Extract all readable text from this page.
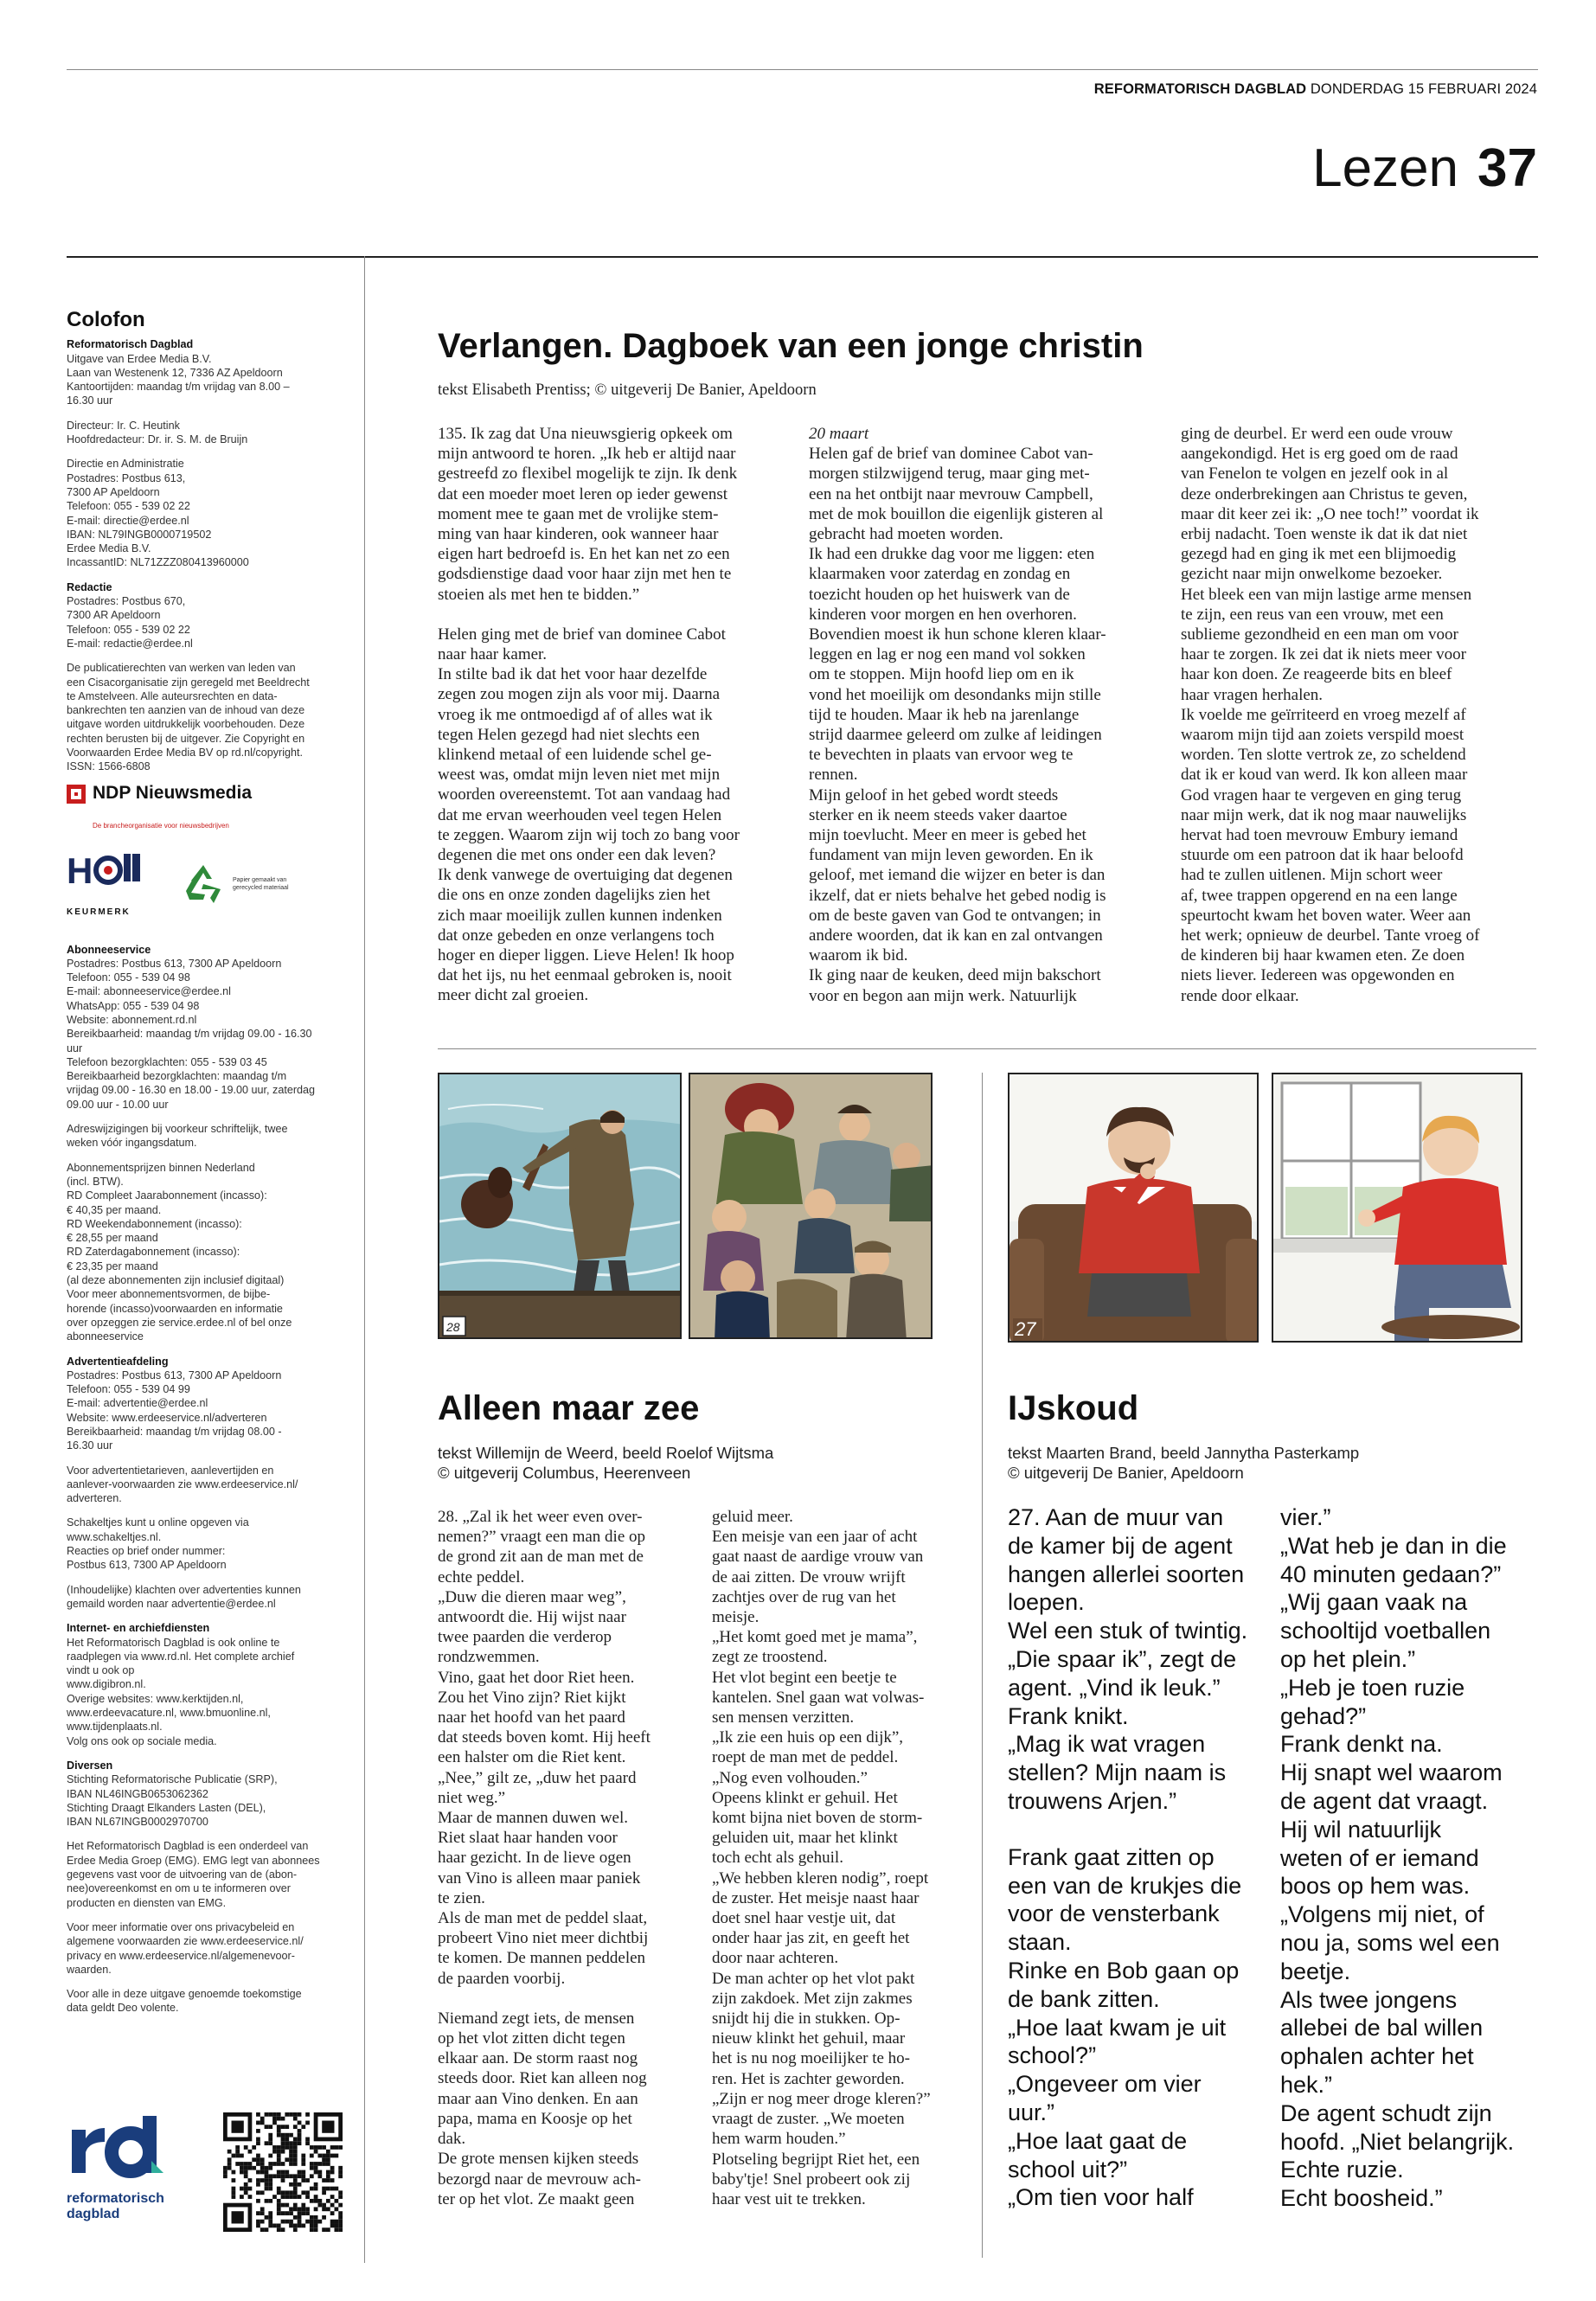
REFORMATORISCH DAGBLAD DONDERDAG 15 FEBRUARI 2024
Lezen 37
Colofon

Reformatorisch Dagblad

Uitgave van Erdee Media B.V.

Laan van Westenenk 12, 7336 AZ Apeldoorn

Kantoortijden: maandag t/m vrijdag van 8.00 –

16.30 uur

Directeur: Ir. C. Heutink

Hoofdredacteur: Dr. ir. S. M. de Bruijn

Directie en Administratie

Postadres: Postbus 613,

7300 AP Apeldoorn

Telefoon: 055 - 539 02 22

E-mail: directie@erdee.nl

IBAN: NL79INGB0000719502

Erdee Media B.V.

IncassantID: NL71ZZZ080413960000

Redactie

Postadres: Postbus 670,

7300 AR Apeldoorn

Telefoon: 055 - 539 02 22

E-mail: redactie@erdee.nl

De publicatierechten van werken van leden van

een Cisacorganisatie zijn geregeld met Beeldrecht

te Amstelveen. Alle auteursrechten en data-

bankrechten ten aanzien van de inhoud van deze

uitgave worden uitdrukkelijk voorbehouden. Deze

rechten berusten bij de uitgever. Zie Copyright en

Voorwaarden Erdee Media BV op rd.nl/copyright.

ISSN: 1566-6808

NDP Nieuwsmedia
De brancheorganisatie voor nieuwsbedrijven
H
KEURMERK
Papier gemaakt van gerecycled materiaal

Abonneeservice

Postadres: Postbus 613, 7300 AP Apeldoorn

Telefoon: 055 - 539 04 98

E-mail: abonneeservice@erdee.nl

WhatsApp: 055 - 539 04 98

Website: abonnement.rd.nl

Bereikbaarheid: maandag t/m vrijdag 09.00 - 16.30

uur

Telefoon bezorgklachten: 055 - 539 03 45

Bereikbaarheid bezorgklachten: maandag t/m

vrijdag 09.00 - 16.30 en 18.00 - 19.00 uur, zaterdag

09.00 uur - 10.00 uur

Adreswijzigingen bij voorkeur schriftelijk, twee

weken vóór ingangsdatum.

Abonnementsprijzen binnen Nederland

(incl. BTW).

RD Compleet Jaarabonnement (incasso):

€ 40,35 per maand.

RD Weekendabonnement (incasso):

€ 28,55 per maand

RD Zaterdagabonnement (incasso):

€ 23,35 per maand

(al deze abonnementen zijn inclusief digitaal)

Voor meer abonnementsvormen, de bijbe-

horende (incasso)voorwaarden en informatie

over opzeggen zie service.erdee.nl of bel onze

abonneeservice

Advertentieafdeling

Postadres: Postbus 613, 7300 AP Apeldoorn

Telefoon: 055 - 539 04 99

E-mail: advertentie@erdee.nl

Website: www.erdeeservice.nl/adverteren

Bereikbaarheid: maandag t/m vrijdag 08.00 -

16.30 uur

Voor advertentietarieven, aanlevertijden en

aanlever-voorwaarden zie www.erdeeservice.nl/

adverteren.

Schakeltjes kunt u online opgeven via

www.schakeltjes.nl.

Reacties op brief onder nummer:

Postbus 613, 7300 AP Apeldoorn

(Inhoudelijke) klachten over advertenties kunnen

gemaild worden naar advertentie@erdee.nl

Internet- en archiefdiensten

Het Reformatorisch Dagblad is ook online te

raadplegen via www.rd.nl. Het complete archief

vindt u ook op

www.digibron.nl.

Overige websites: www.kerktijden.nl,

www.erdeevacature.nl, www.bmuonline.nl,

www.tijdenplaats.nl.

Volg ons ook op sociale media.

Diversen

Stichting Reformatorische Publicatie (SRP),

IBAN NL46INGB0653062362

Stichting Draagt Elkanders Lasten (DEL),

IBAN NL67INGB0002970700

Het Reformatorisch Dagblad is een onderdeel van

Erdee Media Groep (EMG). EMG legt van abonnees

gegevens vast voor de uitvoering van de (abon-

nee)overeenkomst en om u te informeren over

producten en diensten van EMG.

Voor meer informatie over ons privacybeleid en

algemene voorwaarden zie www.erdeeservice.nl/

privacy en www.erdeeservice.nl/algemenevoor-

waarden.

Voor alle in deze uitgave genoemde toekomstige

data geldt Deo volente.

reformatorisch
dagblad
Verlangen. Dagboek van een jonge christin
tekst Elisabeth Prentiss; © uitgeverij De Banier, Apeldoorn

135. Ik zag dat Una nieuwsgierig opkeek om

mijn antwoord te horen. „Ik heb er altijd naar

gestreefd zo flexibel mogelijk te zijn. Ik denk

dat een moeder moet leren op ieder gewenst

moment mee te gaan met de vrolijke stem-

ming van haar kinderen, ook wanneer haar

eigen hart bedroefd is. En het kan net zo een

godsdienstige daad voor haar zijn met hen te

stoeien als met hen te bidden.”

Helen ging met de brief van dominee Cabot

naar haar kamer.

In stilte bad ik dat het voor haar dezelfde

zegen zou mogen zijn als voor mij. Daarna

vroeg ik me ontmoedigd af of alles wat ik

tegen Helen gezegd had niet slechts een

klinkend metaal of een luidende schel ge-

weest was, omdat mijn leven niet met mijn

woorden overeenstemt. Tot aan vandaag had

dat me ervan weerhouden veel tegen Helen

te zeggen. Waarom zijn wij toch zo bang voor

degenen die met ons onder een dak leven?

Ik denk vanwege de overtuiging dat degenen

die ons en onze zonden dagelijks zien het

zich maar moeilijk zullen kunnen indenken

dat onze gebeden en onze verlangens toch

hoger en dieper liggen. Lieve Helen! Ik hoop

dat het ijs, nu het eenmaal gebroken is, nooit

meer dicht zal groeien.

20 maart

Helen gaf de brief van dominee Cabot van-

morgen stilzwijgend terug, maar ging met-

een na het ontbijt naar mevrouw Campbell,

met de mok bouillon die eigenlijk gisteren al

gebracht had moeten worden.

Ik had een drukke dag voor me liggen: eten

klaarmaken voor zaterdag en zondag en

toezicht houden op het huiswerk van de

kinderen voor morgen en hen overhoren.

Bovendien moest ik hun schone kleren klaar-

leggen en lag er nog een mand vol sokken

om te stoppen. Mijn hoofd liep om en ik

vond het moeilijk om desondanks mijn stille

tijd te houden. Maar ik heb na jarenlange

strijd daarmee geleerd om zulke af leidingen

te bevechten in plaats van ervoor weg te

rennen.

Mijn geloof in het gebed wordt steeds

sterker en ik neem steeds vaker daartoe

mijn toevlucht. Meer en meer is gebed het

fundament van mijn leven geworden. En ik

geloof, met iemand die wijzer en beter is dan

ikzelf, dat er niets behalve het gebed nodig is

om de beste gaven van God te ontvangen; in

andere woorden, dat ik kan en zal ontvangen

waarom ik bid.

Ik ging naar de keuken, deed mijn bakschort

voor en begon aan mijn werk. Natuurlijk

ging de deurbel. Er werd een oude vrouw

aangekondigd. Het is erg goed om de raad

van Fenelon te volgen en jezelf ook in al

deze onderbrekingen aan Christus te geven,

maar dit keer zei ik: „O nee toch!” voordat ik

erbij nadacht. Toen wenste ik dat ik dat niet

gezegd had en ging ik met een blijmoedig

gezicht naar mijn onwelkome bezoeker.

Het bleek een van mijn lastige arme mensen

te zijn, een reus van een vrouw, met een

sublieme gezondheid en een man om voor

haar te zorgen. Ik zei dat ik niets meer voor

haar kon doen. Ze reageerde bits en bleef

haar vragen herhalen.

Ik voelde me geïrriteerd en vroeg mezelf af

waarom mijn tijd aan zoiets verspild moest

worden. Ten slotte vertrok ze, zo scheldend

dat ik er koud van werd. Ik kon alleen maar

God vragen haar te vergeven en ging terug

naar mijn werk, dat ik nog maar nauwelijks

hervat had toen mevrouw Embury iemand

stuurde om een patroon dat ik haar beloofd

had te zullen uitlenen. Mijn schort weer

af, twee trappen opgerend en na een lange

speurtocht kwam het boven water. Weer aan

het werk; opnieuw de deurbel. Tante vroeg of

de kinderen bij haar kwamen eten. Ze doen

niets liever. Iedereen was opgewonden en

rende door elkaar.

28	27
Alleen maar zee
tekst Willemijn de Weerd, beeld Roelof Wijtsma
© uitgeverij Columbus, Heerenveen

28. „Zal ik het weer even over-

nemen?” vraagt een man die op

de grond zit aan de man met de

echte peddel.

„Duw die dieren maar weg”,

antwoordt die. Hij wijst naar

twee paarden die verderop

rondzwemmen.

Vino, gaat het door Riet heen.

Zou het Vino zijn? Riet kijkt

naar het hoofd van het paard

dat steeds boven komt. Hij heeft

een halster om die Riet kent.

„Nee,” gilt ze, „duw het paard

niet weg.”

Maar de mannen duwen wel.

Riet slaat haar handen voor

haar gezicht. In de lieve ogen

van Vino is alleen maar paniek

te zien.

Als de man met de peddel slaat,

probeert Vino niet meer dichtbij

te komen. De mannen peddelen

de paarden voorbij.

Niemand zegt iets, de mensen

op het vlot zitten dicht tegen

elkaar aan. De storm raast nog

steeds door. Riet kan alleen nog

maar aan Vino denken. En aan

papa, mama en Koosje op het

dak.

De grote mensen kijken steeds

bezorgd naar de mevrouw ach-

ter op het vlot. Ze maakt geen

geluid meer.

Een meisje van een jaar of acht

gaat naast de aardige vrouw van

de aai zitten. De vrouw wrijft

zachtjes over de rug van het

meisje.

„Het komt goed met je mama”,

zegt ze troostend.

Het vlot begint een beetje te

kantelen. Snel gaan wat volwas-

sen mensen verzitten.

„Ik zie een huis op een dijk”,

roept de man met de peddel.

„Nog even volhouden.”

Opeens klinkt er gehuil. Het

komt bijna niet boven de storm-

geluiden uit, maar het klinkt

toch echt als gehuil.

„We hebben kleren nodig”, roept

de zuster. Het meisje naast haar

doet snel haar vestje uit, dat

onder haar jas zit, en geeft het

door naar achteren.

De man achter op het vlot pakt

zijn zakdoek. Met zijn zakmes

snijdt hij die in stukken. Op-

nieuw klinkt het gehuil, maar

het is nu nog moeilijker te ho-

ren. Het is zachter geworden.

„Zijn er nog meer droge kleren?”

vraagt de zuster. „We moeten

hem warm houden.”

Plotseling begrijpt Riet het, een

baby'tje! Snel probeert ook zij

haar vest uit te trekken.

IJskoud
tekst Maarten Brand, beeld Jannytha Pasterkamp
© uitgeverij De Banier, Apeldoorn

27. Aan de muur van

de kamer bij de agent

hangen allerlei soorten

loepen.

Wel een stuk of twintig.

„Die spaar ik”, zegt de

agent. „Vind ik leuk.”

Frank knikt.

„Mag ik wat vragen

stellen? Mijn naam is

trouwens Arjen.”

Frank gaat zitten op

een van de krukjes die

voor de vensterbank

staan.

Rinke en Bob gaan op

de bank zitten.

„Hoe laat kwam je uit

school?”

„Ongeveer om vier

uur.”

„Hoe laat gaat de

school uit?”

„Om tien voor half

vier.”

„Wat heb je dan in die

40 minuten gedaan?”

„Wij gaan vaak na

schooltijd voetballen

op het plein.”

„Heb je toen ruzie

gehad?”

Frank denkt na.

Hij snapt wel waarom

de agent dat vraagt.

Hij wil natuurlijk

weten of er iemand

boos op hem was.

„Volgens mij niet, of

nou ja, soms wel een

beetje.

Als twee jongens

allebei de bal willen

ophalen achter het

hek.”

De agent schudt zijn

hoofd. „Niet belangrijk.

Echte ruzie.

Echt boosheid.”
